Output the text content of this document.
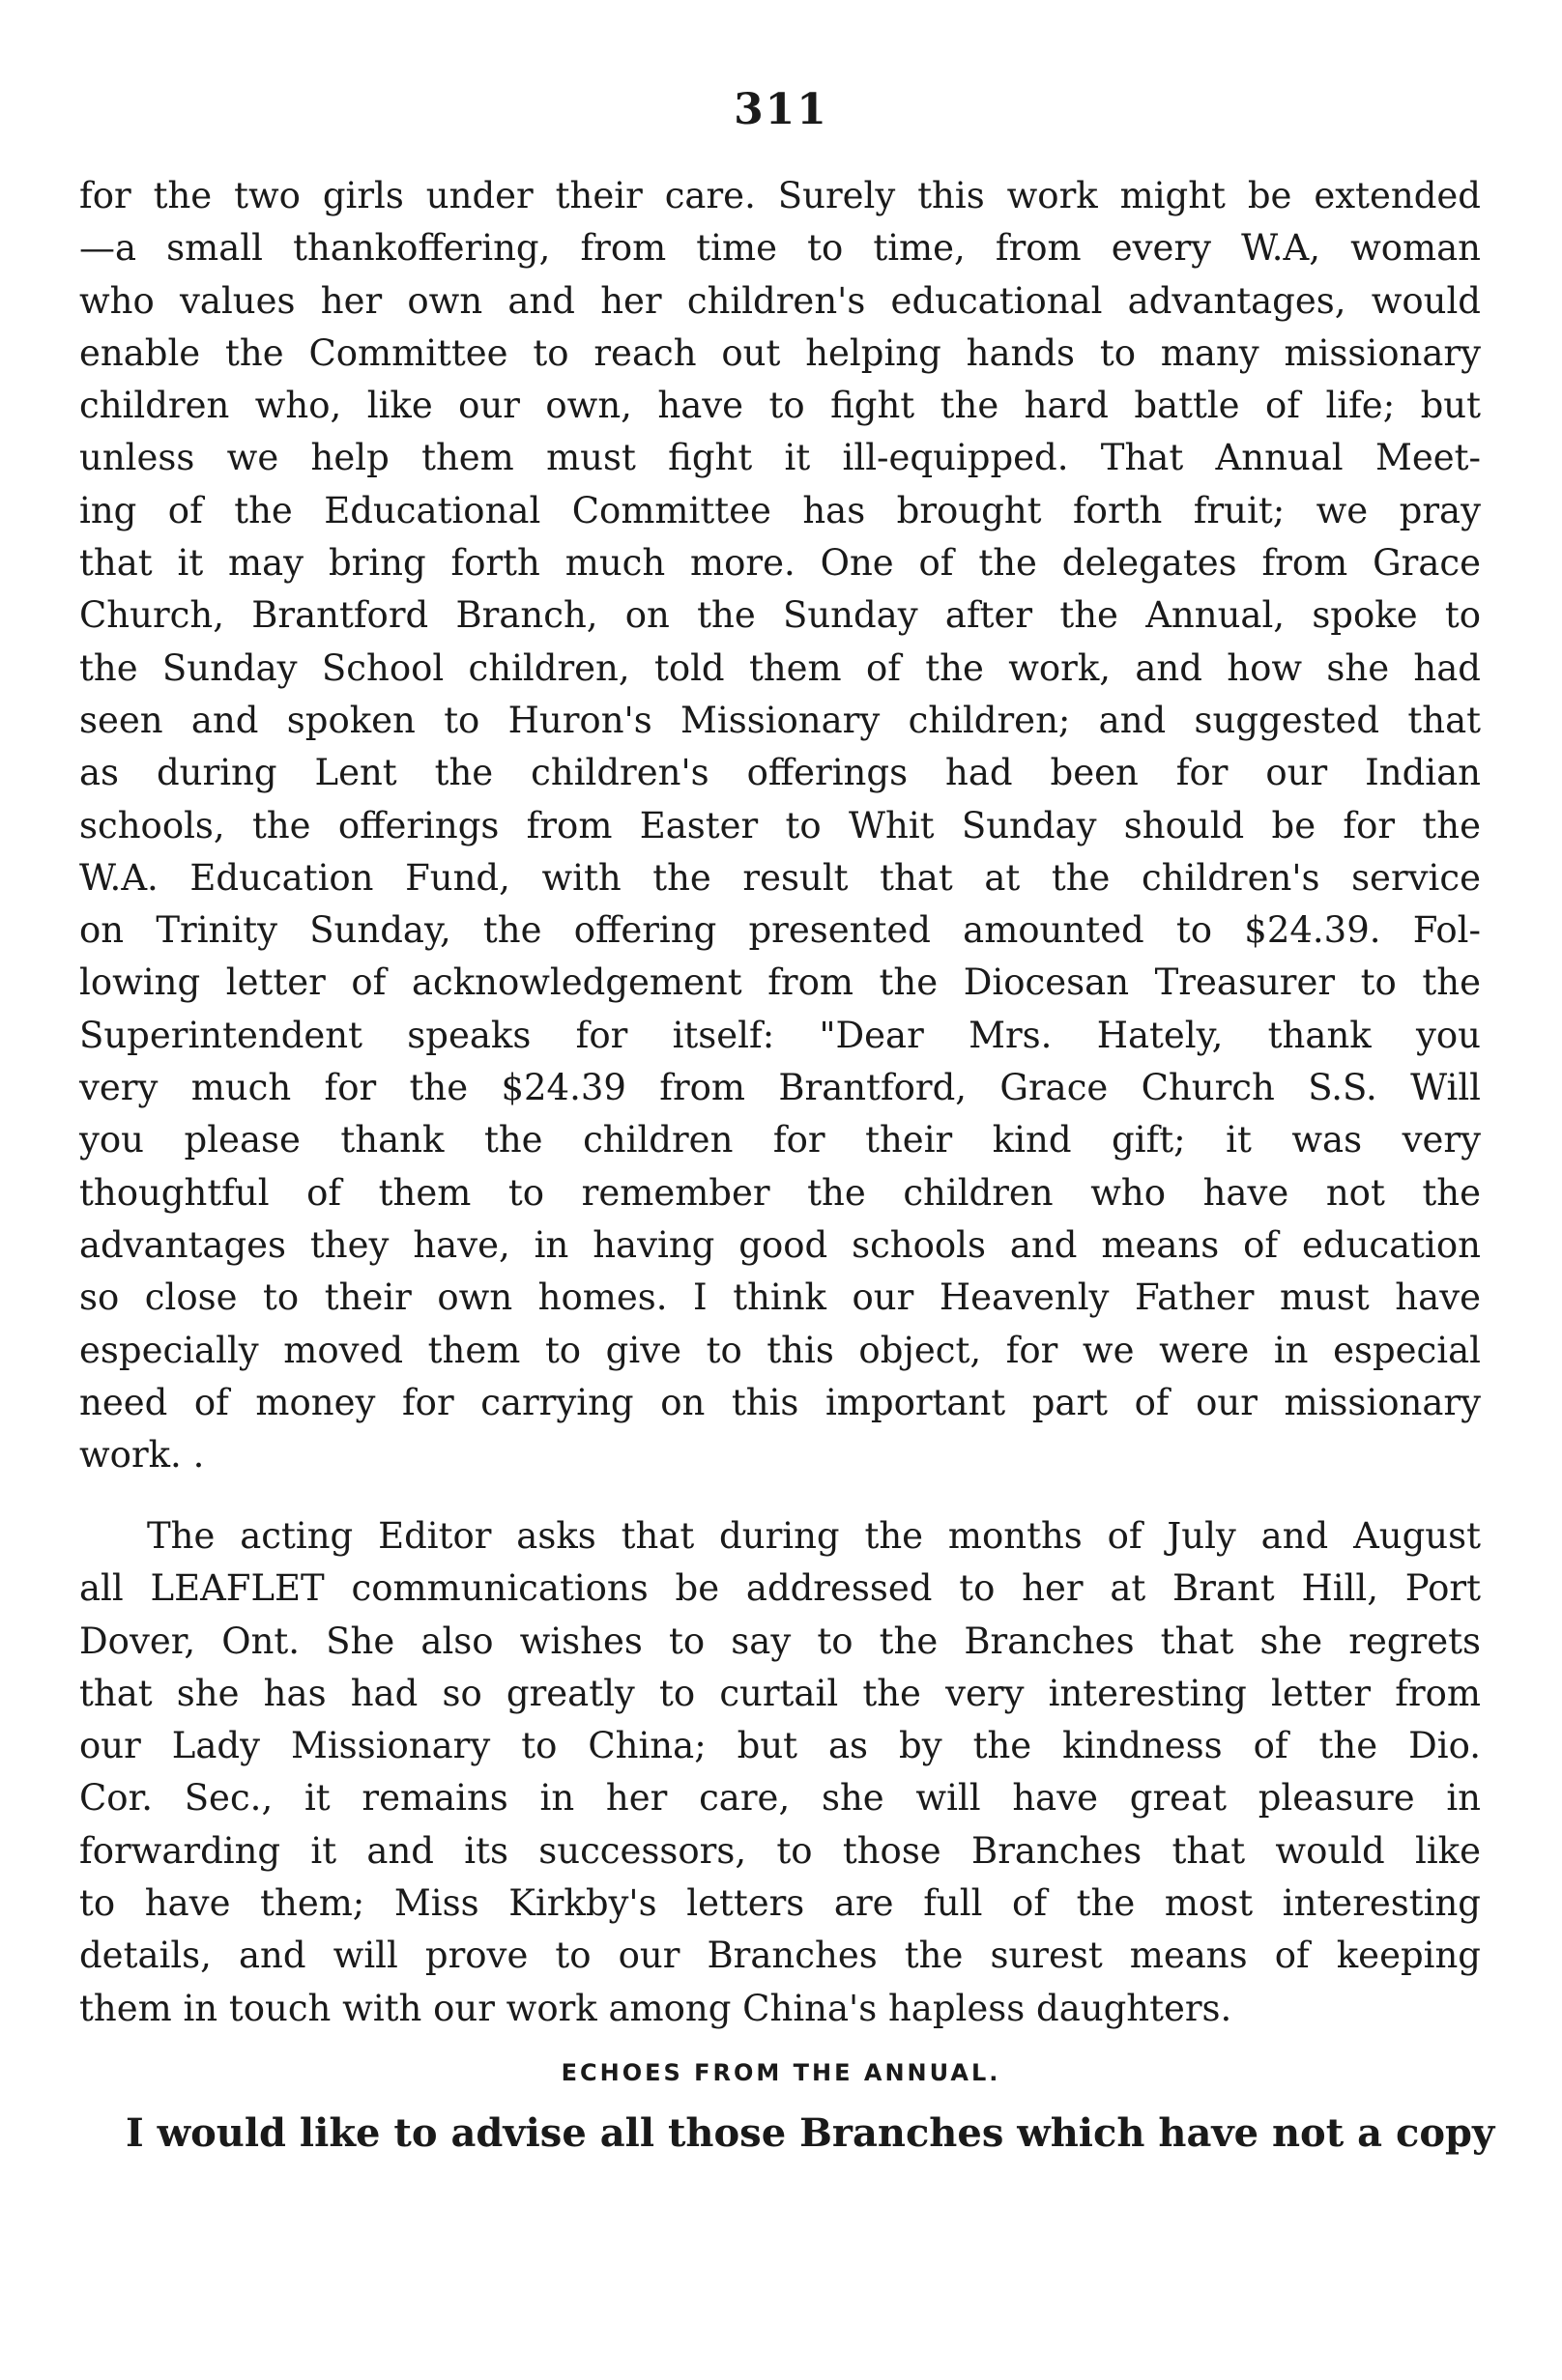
311
for the two girls under their care. Surely this work might be extended
—a small thankoffering, from time to time, from every W.A, woman
who values her own and her children's educational advantages, would
enable the Committee to reach out helping hands to many missionary
children who, like our own, have to fight the hard battle of life; but
unless we help them must fight it ill-equipped. That Annual Meet-
ing of the Educational Committee has brought forth fruit; we pray
that it may bring forth much more. One of the delegates from Grace
Church, Brantford Branch, on the Sunday after the Annual, spoke to
the Sunday School children, told them of the work, and how she had
seen and spoken to Huron's Missionary children; and suggested that
as during Lent the children's offerings had been for our Indian
schools, the offerings from Easter to Whit Sunday should be for the
W.A. Education Fund, with the result that at the children's service
on Trinity Sunday, the offering presented amounted to $24.39. Fol-
lowing letter of acknowledgement from the Diocesan Treasurer to the
Superintendent speaks for itself: "Dear Mrs. Hately, thank you
very much for the $24.39 from Brantford, Grace Church S.S. Will
you please thank the children for their kind gift; it was very
thoughtful of them to remember the children who have not the
advantages they have, in having good schools and means of education
so close to their own homes. I think our Heavenly Father must have
especially moved them to give to this object, for we were in especial
need of money for carrying on this important part of our missionary
work. .
The acting Editor asks that during the months of July and August
all LEAFLET communications be addressed to her at Brant Hill, Port
Dover, Ont. She also wishes to say to the Branches that she regrets
that she has had so greatly to curtail the very interesting letter from
our Lady Missionary to China; but as by the kindness of the Dio.
Cor. Sec., it remains in her care, she will have great pleasure in
forwarding it and its successors, to those Branches that would like
to have them; Miss Kirkby's letters are full of the most interesting
details, and will prove to our Branches the surest means of keeping
them in touch with our work among China's hapless daughters.
ECHOES FROM THE ANNUAL.
I would like to advise all those Branches which have not a copy
